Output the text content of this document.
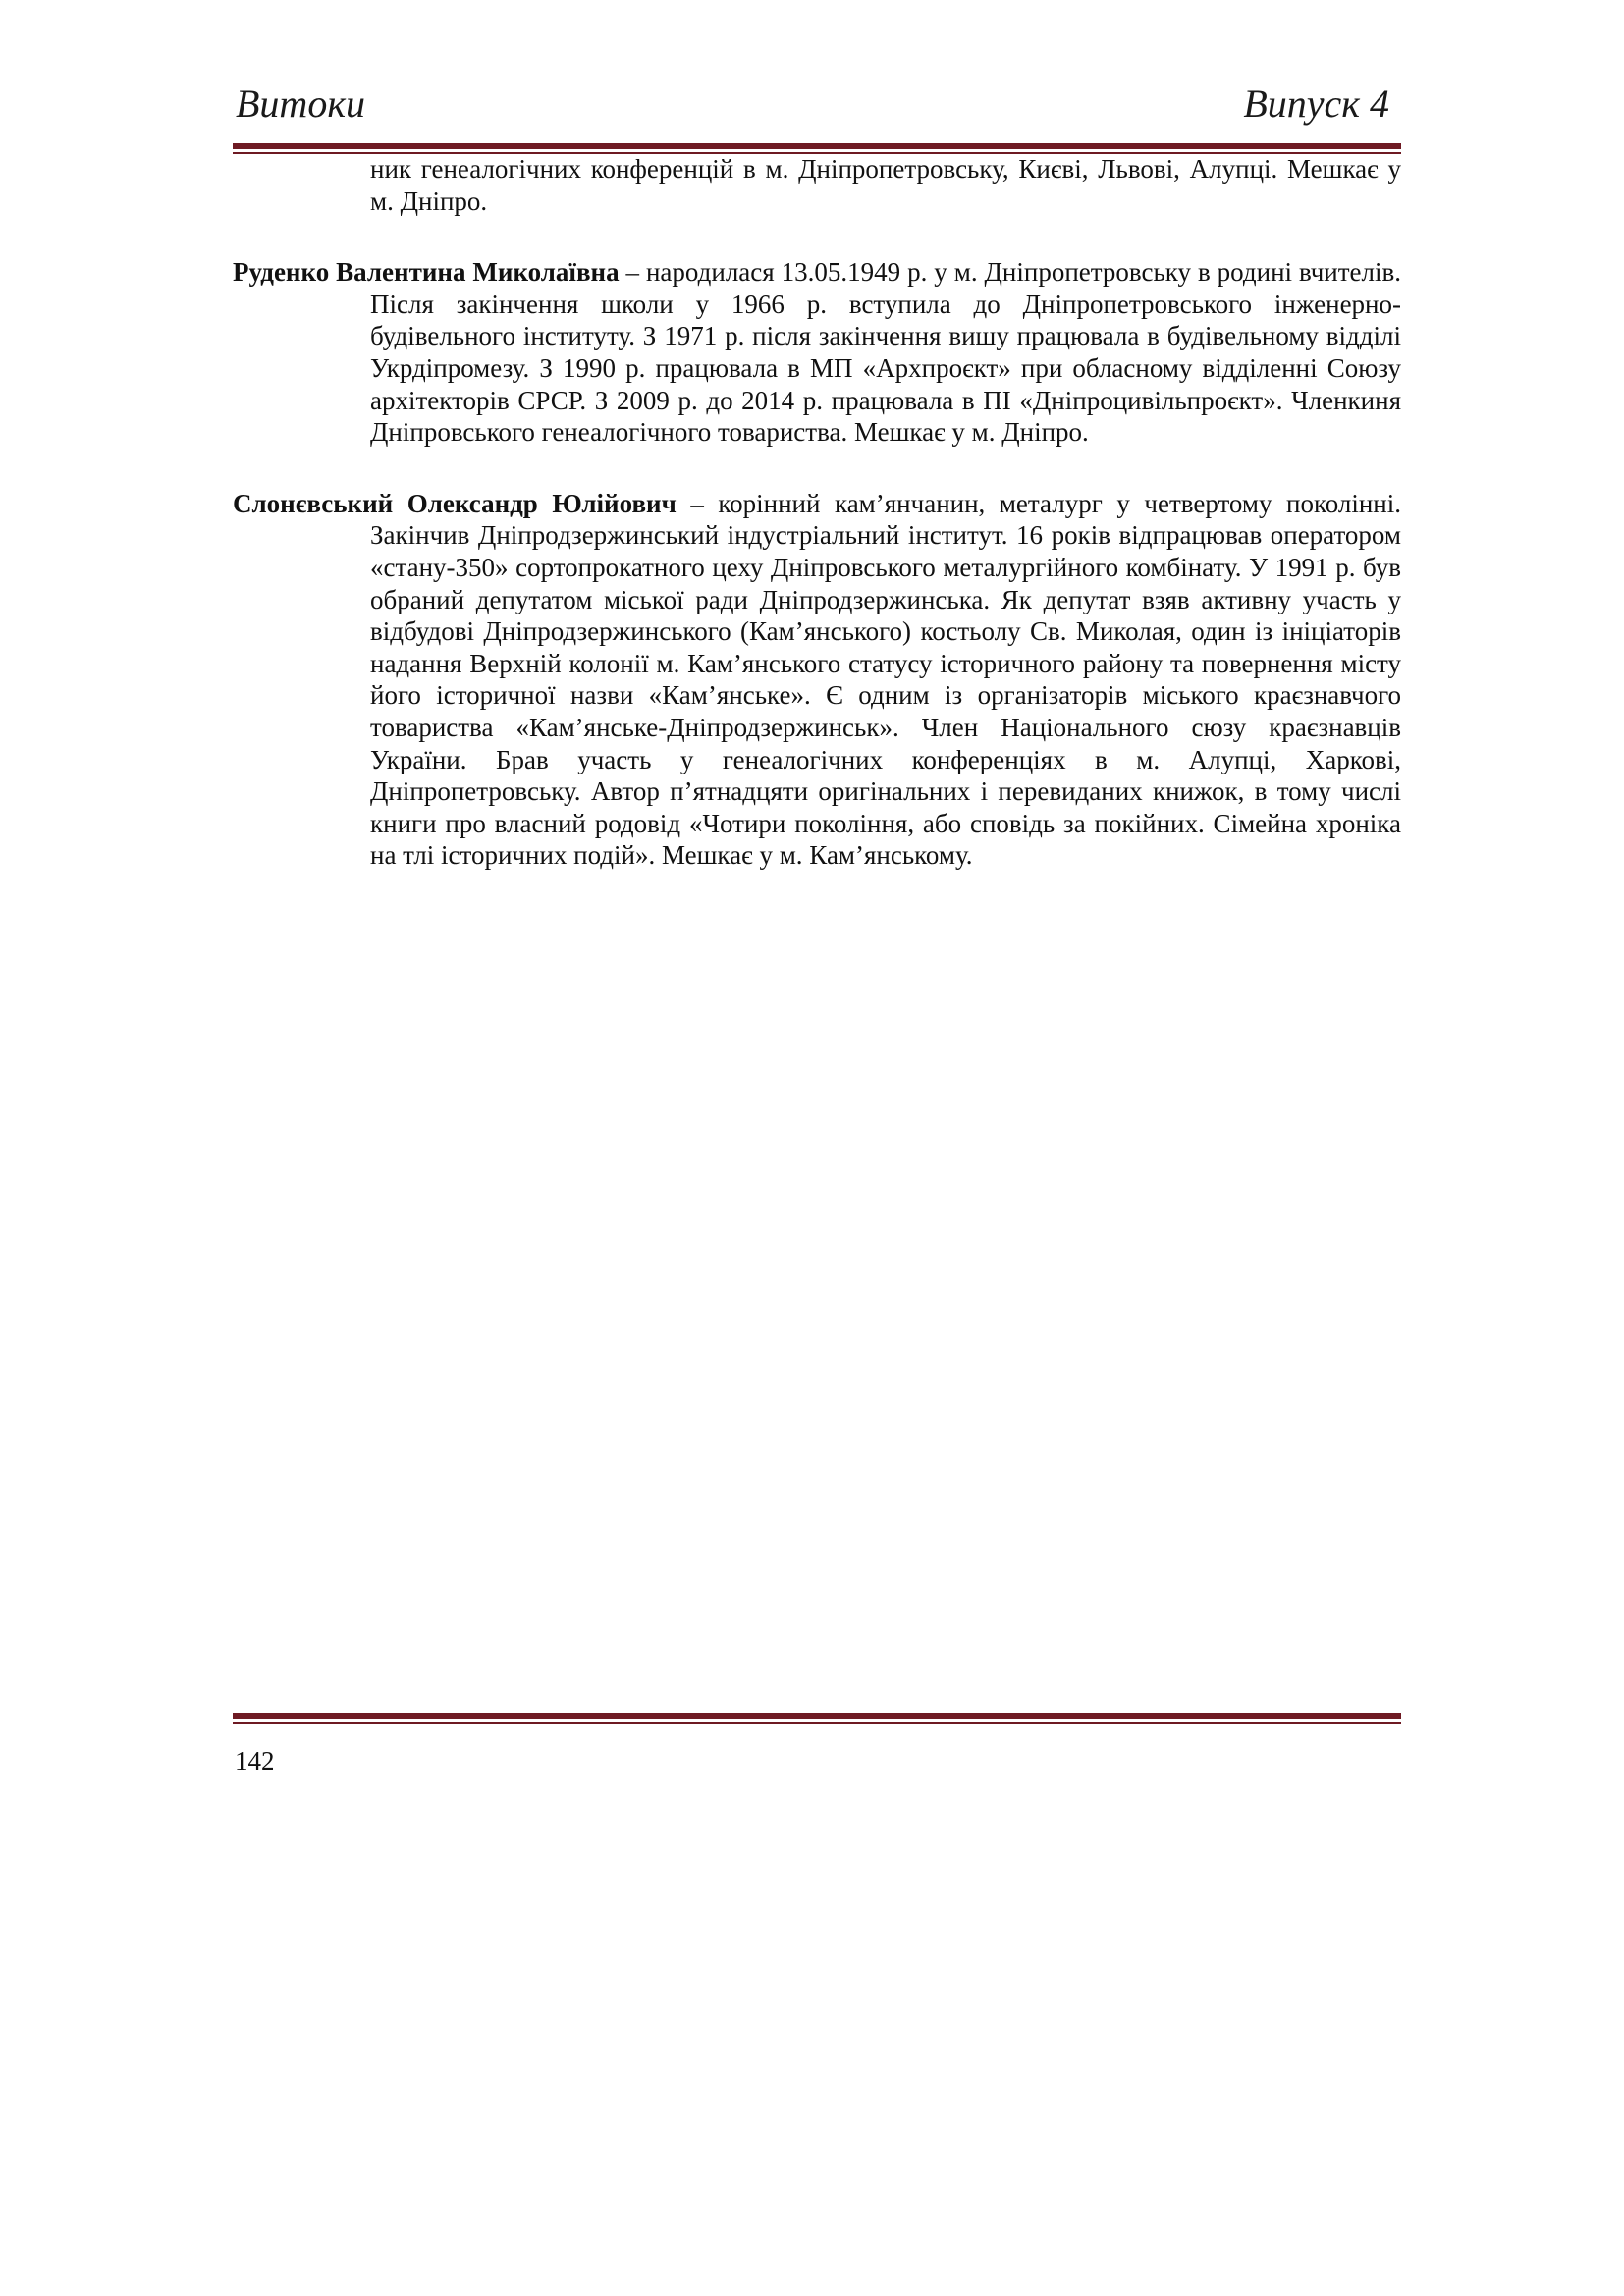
Витоки	Випуск 4

ник генеалогічних конференцій в м. Дніпропетровську, Києві, Львові, Алупці. Мешкає у м. Дніпро.

Руденко Валентина Миколаївна – народилася 13.05.1949 р. у м. Дніпропетровську в родині вчителів. Після закінчення школи у 1966 р. вступила до Дніпропетровського інженерно-будівельного інституту. З 1971 р. після закінчення вишу працювала в будівельному відділі Укрдіпромезу. З 1990 р. працювала в МП «Архпроєкт» при обласному відділенні Союзу архітекторів СРСР. З 2009 р. до 2014 р. працювала в ПІ «Дніпроцивільпроєкт». Членкиня Дніпровського генеалогічного товариства. Мешкає у м. Дніпро.

Слонєвський Олександр Юлійович – корінний кам’янчанин, металург у четвертому поколінні. Закінчив Дніпродзержинський індустріальний інститут. 16 років відпрацював оператором «стану-350» сортопрокатного цеху Дніпровського металургійного комбінату. У 1991 р. був обраний депутатом міської ради Дніпродзержинська. Як депутат взяв активну участь у відбудові Дніпродзержинського (Кам’янського) костьолу Св. Миколая, один із ініціаторів надання Верхній колонії м. Кам’янського статусу історичного району та повернення місту його історичної назви «Кам’янське». Є одним із організаторів міського краєзнавчого товариства «Кам’янське-Дніпродзержинськ». Член Національного сюзу краєзнавців України. Брав участь у генеалогічних конференціях в м. Алупці, Харкові, Дніпропетровську. Автор п’ятнадцяти оригінальних і перевиданих книжок, в тому числі книги про власний родовід «Чотири покоління, або сповідь за покійних. Сімейна хроніка на тлі історичних подій». Мешкає у м. Кам’янському.

142
